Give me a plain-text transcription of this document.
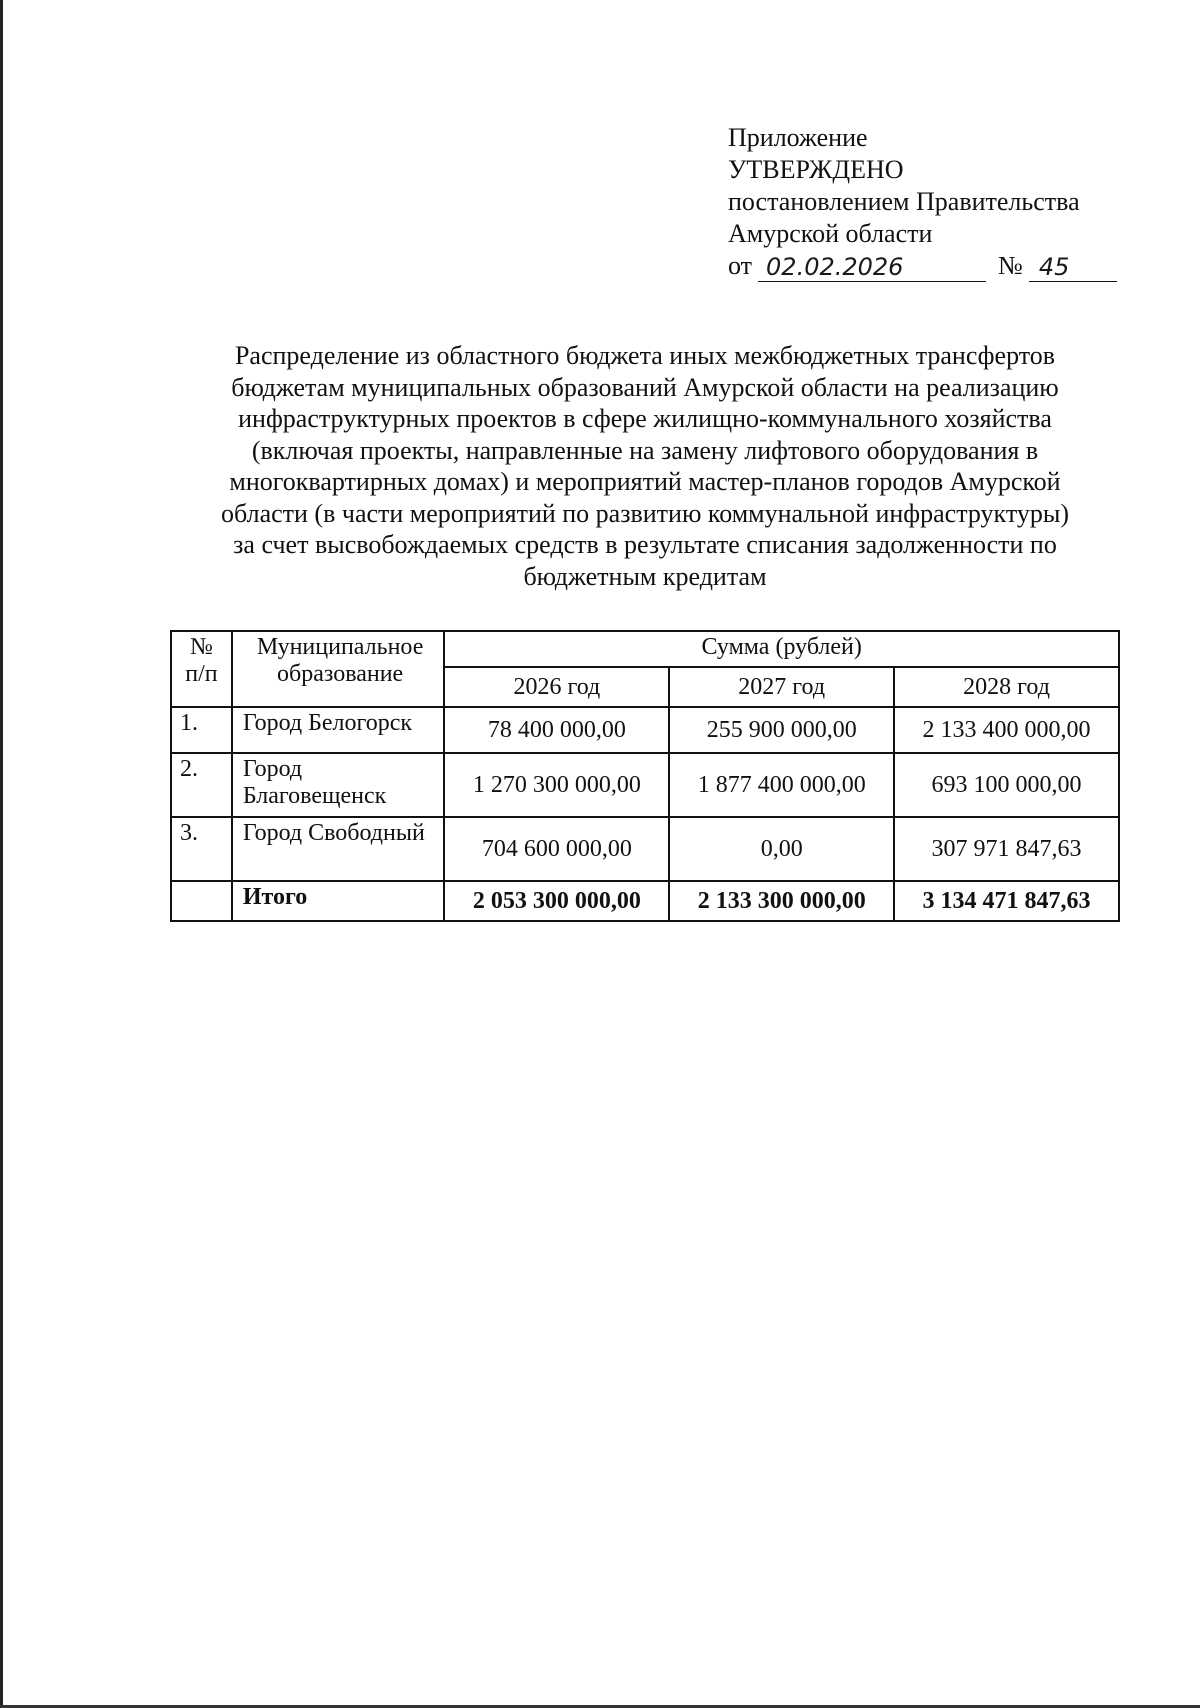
Приложение
УТВЕРЖДЕНО
постановлением Правительства
Амурской области
от 02.02.2026	№ 45
Распределение из областного бюджета иных межбюджетных трансфертов
бюджетам муниципальных образований Амурской области на реализацию
инфраструктурных проектов в сфере жилищно-коммунального хозяйства
(включая проекты, направленные на замену лифтового оборудования в
многоквартирных домах) и мероприятий мастер-планов городов Амурской
области (в части мероприятий по развитию коммунальной инфраструктуры)
за счет высвобождаемых средств в результате списания задолженности по
бюджетным кредитам
№
п/п	Муниципальное образование	Сумма (рублей)		
		2026 год	2027 год	2028 год
1.	Город Белогорск	78 400 000,00	255 900 000,00	2 133 400 000,00
2.	Город Благовещенск	1 270 300 000,00	1 877 400 000,00	693 100 000,00
3.	Город Свободный	704 600 000,00	0,00	307 971 847,63
	Итого	2 053 300 000,00	2 133 300 000,00	3 134 471 847,63
